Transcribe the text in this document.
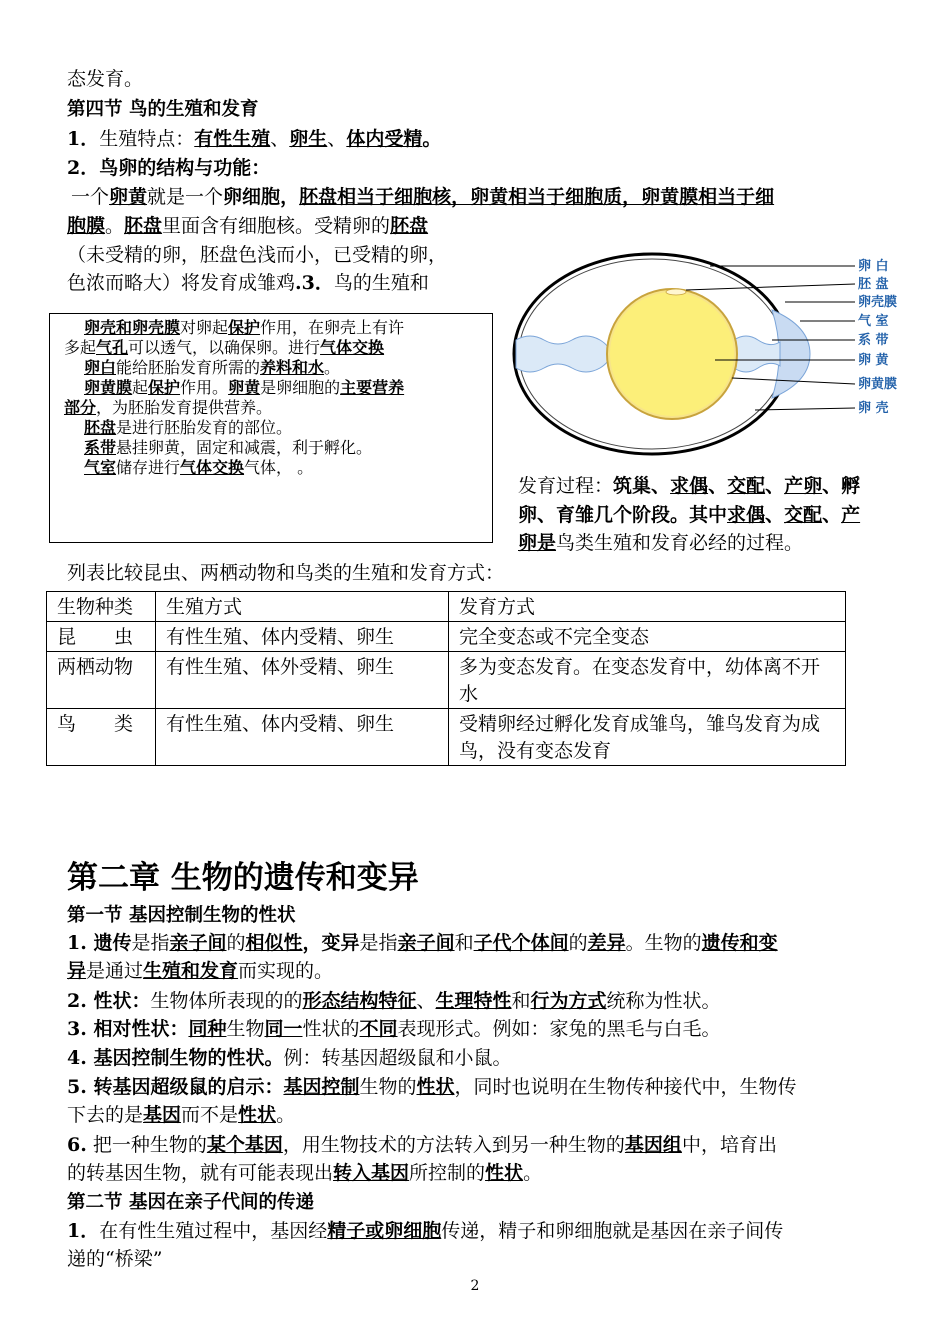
态发育。
第四节 鸟的生殖和发育
1．生殖特点：有性生殖、卵生、体内受精。
2．鸟卵的结构与功能：
一个卵黄就是一个卵细胞，胚盘相当于细胞核，卵黄相当于细胞质，卵黄膜相当于细
胞膜。胚盘里面含有细胞核。受精卵的胚盘
（未受精的卵，胚盘色浅而小，已受精的卵，
色浓而略大）将发育成雏鸡.3．鸟的生殖和
卵 白
胚 盘
卵壳膜
气 室
系 带
卵 黄
卵黄膜
卵 壳
卵壳和卵壳膜对卵起保护作用，在卵壳上有许
多起气孔可以透气，以确保卵。进行气体交换
卵白能给胚胎发育所需的养料和水。
卵黄膜起保护作用。卵黄是卵细胞的主要营养
部分，为胚胎发育提供营养。
胚盘是进行胚胎发育的部位。
系带悬挂卵黄，固定和减震，利于孵化。
气室储存进行气体交换气体， 。
发育过程：筑巢、求偶、交配、产卵、孵
卵、育雏几个阶段。其中求偶、交配、产
卵是鸟类生殖和发育必经的过程。
列表比较昆虫、两栖动物和鸟类的生殖和发育方式：
生物种类	生殖方式	发育方式
昆　　虫	有性生殖、体内受精、卵生	完全变态或不完全变态
两栖动物	有性生殖、体外受精、卵生	多为变态发育。在变态发育中，幼体离不开水
鸟　　类	有性生殖、体内受精、卵生	受精卵经过孵化发育成雏鸟，雏鸟发育为成鸟，没有变态发育
第二章 生物的遗传和变异
第一节 基因控制生物的性状
1. 遗传是指亲子间的相似性，变异是指亲子间和子代个体间的差异。生物的遗传和变
异是通过生殖和发育而实现的。
2. 性状：生物体所表现的的形态结构特征、生理特性和行为方式统称为性状。
3. 相对性状：同种生物同一性状的不同表现形式。例如：家兔的黑毛与白毛。
4. 基因控制生物的性状。例：转基因超级鼠和小鼠。
5. 转基因超级鼠的启示：基因控制生物的性状，同时也说明在生物传种接代中，生物传
下去的是基因而不是性状。
6. 把一种生物的某个基因，用生物技术的方法转入到另一种生物的基因组中，培育出
的转基因生物，就有可能表现出转入基因所控制的性状。
第二节 基因在亲子代间的传递
1．在有性生殖过程中，基因经精子或卵细胞传递，精子和卵细胞就是基因在亲子间传
递的“桥梁”
2
